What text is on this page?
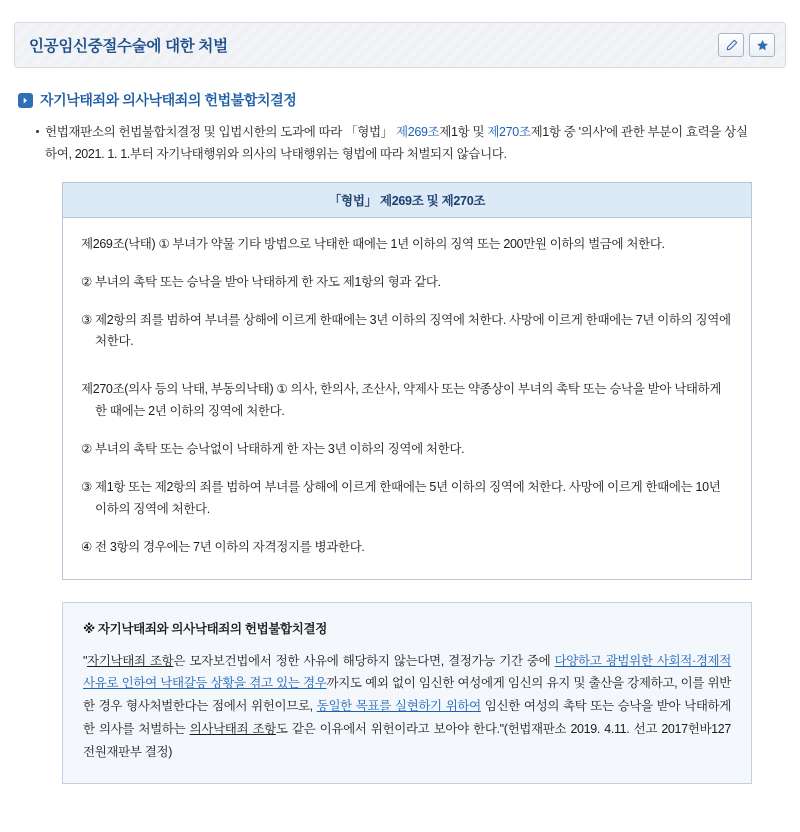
인공임신중절수술에 대한 처벌
자기낙태죄와 의사낙태죄의 헌법불합치결정
헌법재판소의 헌법불합치결정 및 입법시한의 도과에 따라 「형법」 제269조제1항 및 제270조제1항 중 '의사'에 관한 부분이 효력을 상실하여, 2021. 1. 1.부터 자기낙태행위와 의사의 낙태행위는 형법에 따라 처벌되지 않습니다.
「형법」 제269조 및 제270조

제269조(낙태) ① 부녀가 약물 기타 방법으로 낙태한 때에는 1년 이하의 징역 또는 200만원 이하의 벌금에 처한다.

② 부녀의 촉탁 또는 승낙을 받아 낙태하게 한 자도 제1항의 형과 같다.

③ 제2항의 죄를 범하여 부녀를 상해에 이르게 한때에는 3년 이하의 징역에 처한다. 사망에 이르게 한때에는 7년 이하의 징역에 처한다.

제270조(의사 등의 낙태, 부동의낙태) ① 의사, 한의사, 조산사, 약제사 또는 약종상이 부녀의 촉탁 또는 승낙을 받아 낙태하게 한 때에는 2년 이하의 징역에 처한다.

② 부녀의 촉탁 또는 승낙없이 낙태하게 한 자는 3년 이하의 징역에 처한다.

③ 제1항 또는 제2항의 죄를 범하여 부녀를 상해에 이르게 한때에는 5년 이하의 징역에 처한다. 사망에 이르게 한때에는 10년 이하의 징역에 처한다.

④ 전 3항의 경우에는 7년 이하의 자격정지를 병과한다.

※ 자기낙태죄와 의사낙태죄의 헌법불합치결정
"자기낙태죄 조항은 모자보건법에서 정한 사유에 해당하지 않는다면, 결정가능 기간 중에 다양하고 광범위한 사회적·경제적 사유로 인하여 낙태갈등 상황을 겪고 있는 경우까지도 예외 없이 임신한 여성에게 임신의 유지 및 출산을 강제하고, 이를 위반한 경우 형사처벌한다는 점에서 위헌이므로, 동일한 목표를 실현하기 위하여 임신한 여성의 촉탁 또는 승낙을 받아 낙태하게 한 의사를 처벌하는 의사낙태죄 조항도 같은 이유에서 위헌이라고 보아야 한다."(헌법재판소 2019. 4.11. 선고 2017헌바127 전원재판부 결정)
